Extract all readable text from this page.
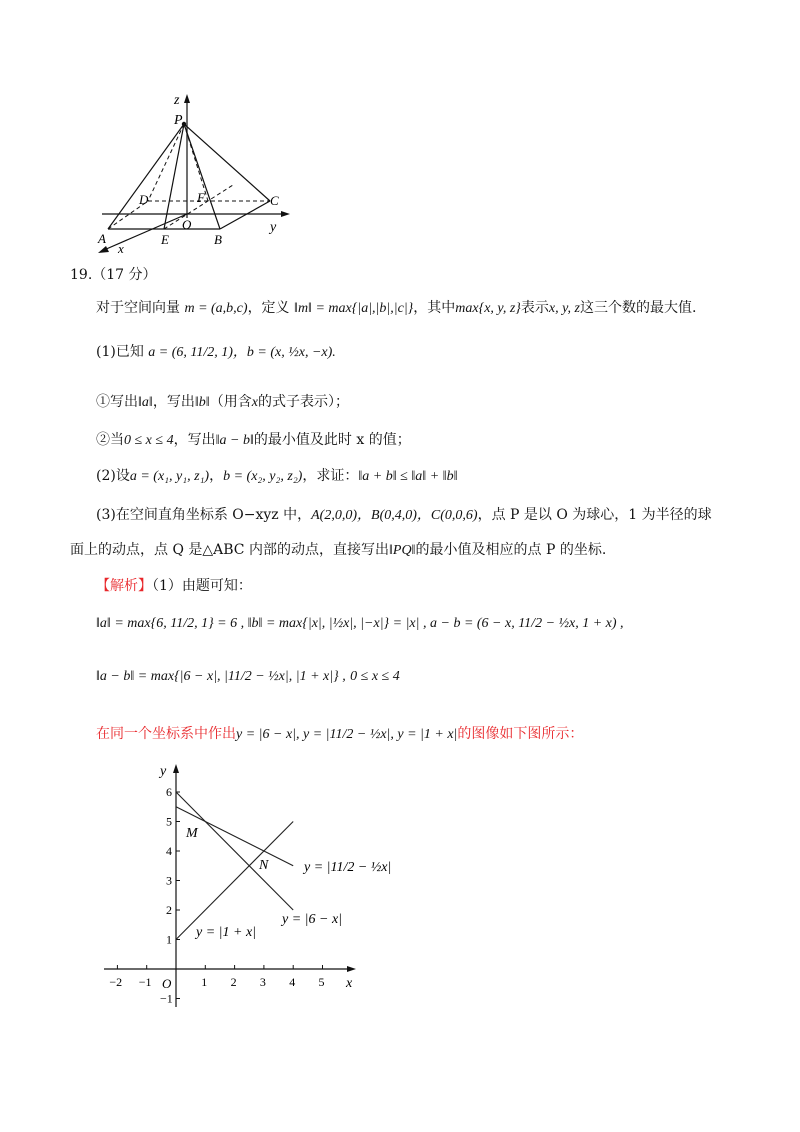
z
P
D	F	C
y
A	E
O
B
x
19.（17 分）
对于空间向量 m = (a,b,c)，定义 ‖m‖ = max{|a|,|b|,|c|}，其中max{x, y, z}表示x, y, z这三个数的最大值.
(1)已知 a = (6, 11/2, 1)，b = (x, ½x, −x).
①写出‖a‖，写出‖b‖（用含x的式子表示）；
②当0 ≤ x ≤ 4，写出‖a − b‖的最小值及此时 x 的值；
(2)设a = (x₁, y₁, z₁)，b = (x₂, y₂, z₂)，求证：‖a + b‖ ≤ ‖a‖ + ‖b‖
(3)在空间直角坐标系 O−xyz 中，A(2,0,0)，B(0,4,0)，C(0,0,6)，点 P 是以 O 为球心，1 为半径的球
面上的动点，点 Q 是△ABC 内部的动点，直接写出‖PQ‖的最小值及相应的点 P 的坐标.
【解析】（1）由题可知：
‖a‖ = max{6, 11/2, 1} = 6 , ‖b‖ = max{|x|, |½x|, |−x|} = |x| , a − b = (6 − x, 11/2 − ½x, 1 + x) ,
‖a − b‖ = max{|6 − x|, |11/2 − ½x|, |1 + x|} , 0 ≤ x ≤ 4
在同一个坐标系中作出y = |6 − x|, y = |11/2 − ½x|, y = |1 + x|的图像如下图所示：
y
x
O
M
N	y = |11/2 − ½x|
y = |6 − x|
y = |1 + x|
−2 −1	1 2 3 4 5
6
5
4
3
2
1
−1
